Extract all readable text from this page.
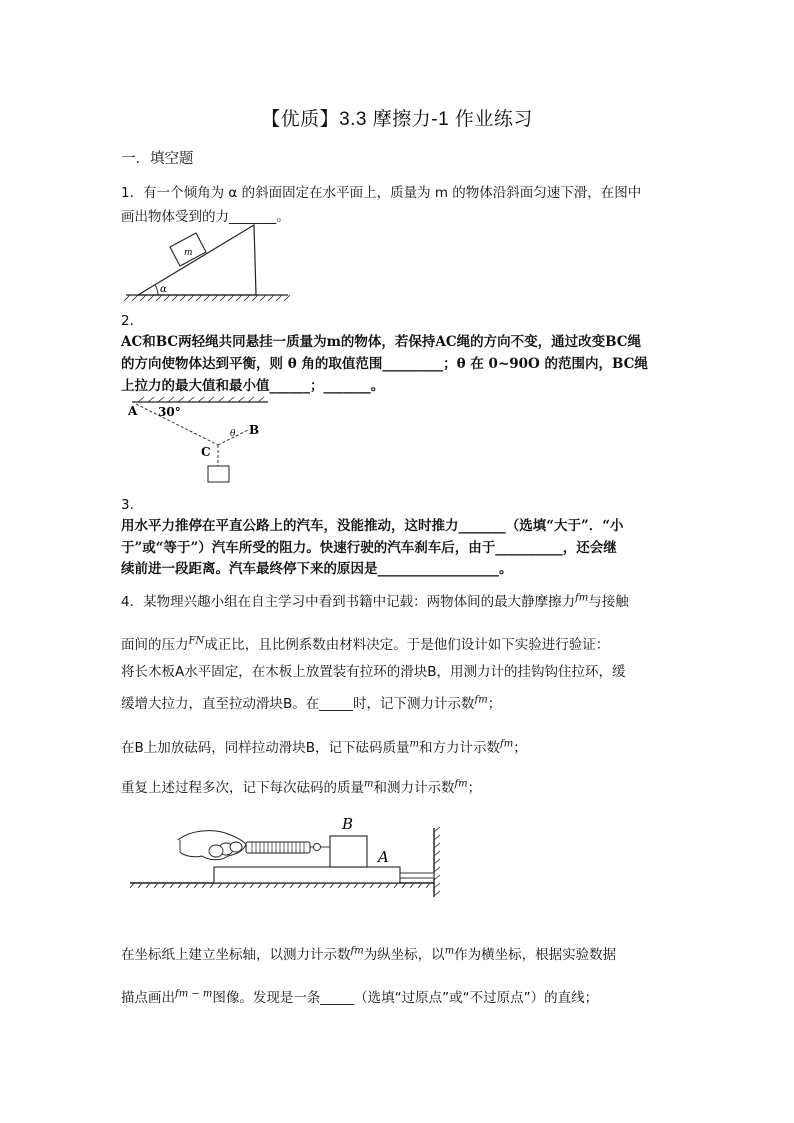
【优质】3.3 摩擦力-1 作业练习
一．填空题
1．有一个倾角为 α 的斜面固定在水平面上，质量为 m 的物体沿斜面匀速下滑，在图中
画出物体受到的力_______。
m
α
2．
AC和BC两轻绳共同悬挂一质量为m的物体，若保持AC绳的方向不变，通过改变BC绳
的方向使物体达到平衡，则 θ 角的取值范围_________；θ 在 0~90O 的范围内，BC绳
上拉力的最大值和最小值______；_______。
A 30°
θ B
C
3．
用水平力推停在平直公路上的汽车，没能推动，这时推力_______（选填“大于”．“小
于”或“等于”）汽车所受的阻力。快速行驶的汽车刹车后，由于__________，还会继
续前进一段距离。汽车最终停下来的原因是__________________。
4．某物理兴趣小组在自主学习中看到书籍中记载：两物体间的最大静摩擦力$^{fm}$与接触
面间的压力$^{FN}$成正比，且比例系数由材料决定。于是他们设计如下实验进行验证：
将长木板A水平固定，在木板上放置装有拉环的滑块B，用测力计的挂钩钩住拉环，缓
缓增大拉力，直至拉动滑块B。在_____时，记下测力计示数$^{fm}$；
在B上加放砝码，同样拉动滑块B，记下砝码质量$^m$和方力计示数$^{fm}$；
重复上述过程多次，记下每次砝码的质量$^m$和测力计示数$^{fm}$；
B
A
在坐标纸上建立坐标轴，以测力计示数$^{fm}$为纵坐标，以$^m$作为横坐标，根据实验数据
描点画出$^{fm - m}$图像。发现是一条_____（选填“过原点”或“不过原点”）的直线；
